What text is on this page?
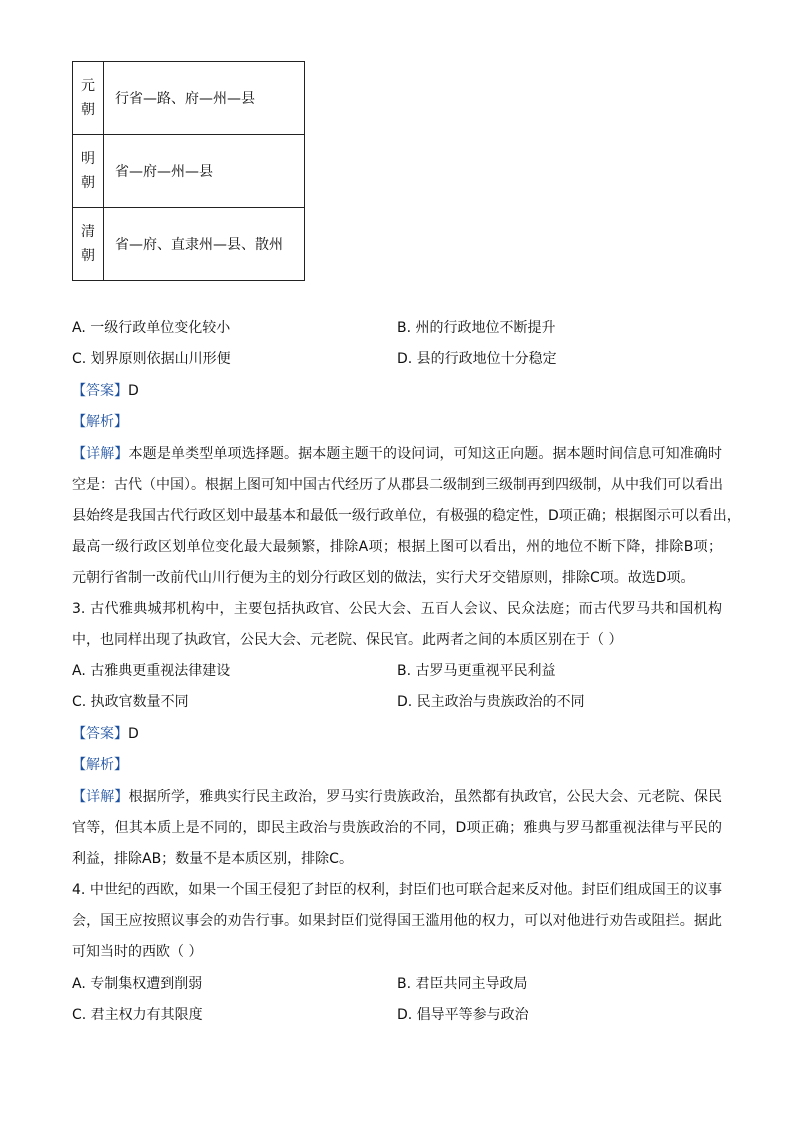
元
朝	行省—路、府—州—县

明
朝	省—府—州—县

清
朝	省—府、直隶州—县、散州
A. 一级行政单位变化较小	B. 州的行政地位不断提升
C. 划界原则依据山川形便	D. 县的行政地位十分稳定
【答案】D
【解析】
【详解】本题是单类型单项选择题。据本题主题干的设问词，可知这正向题。据本题时间信息可知准确时
空是：古代（中国）。根据上图可知中国古代经历了从郡县二级制到三级制再到四级制，从中我们可以看出
县始终是我国古代行政区划中最基本和最低一级行政单位，有极强的稳定性，D项正确；根据图示可以看出，
最高一级行政区划单位变化最大最频繁，排除A项；根据上图可以看出，州的地位不断下降，排除B项；
元朝行省制一改前代山川行便为主的划分行政区划的做法，实行犬牙交错原则，排除C项。故选D项。
3. 古代雅典城邦机构中，主要包括执政官、公民大会、五百人会议、民众法庭；而古代罗马共和国机构
中，也同样出现了执政官，公民大会、元老院、保民官。此两者之间的本质区别在于（ ）
A. 古雅典更重视法律建设	B. 古罗马更重视平民利益
C. 执政官数量不同	D. 民主政治与贵族政治的不同
【答案】D
【解析】
【详解】根据所学，雅典实行民主政治，罗马实行贵族政治，虽然都有执政官，公民大会、元老院、保民
官等，但其本质上是不同的，即民主政治与贵族政治的不同，D项正确；雅典与罗马都重视法律与平民的
利益，排除AB；数量不是本质区别，排除C。
4. 中世纪的西欧，如果一个国王侵犯了封臣的权利，封臣们也可联合起来反对他。封臣们组成国王的议事
会，国王应按照议事会的劝告行事。如果封臣们觉得国王滥用他的权力，可以对他进行劝告或阻拦。据此
可知当时的西欧（ ）
A. 专制集权遭到削弱	B. 君臣共同主导政局
C. 君主权力有其限度	D. 倡导平等参与政治
